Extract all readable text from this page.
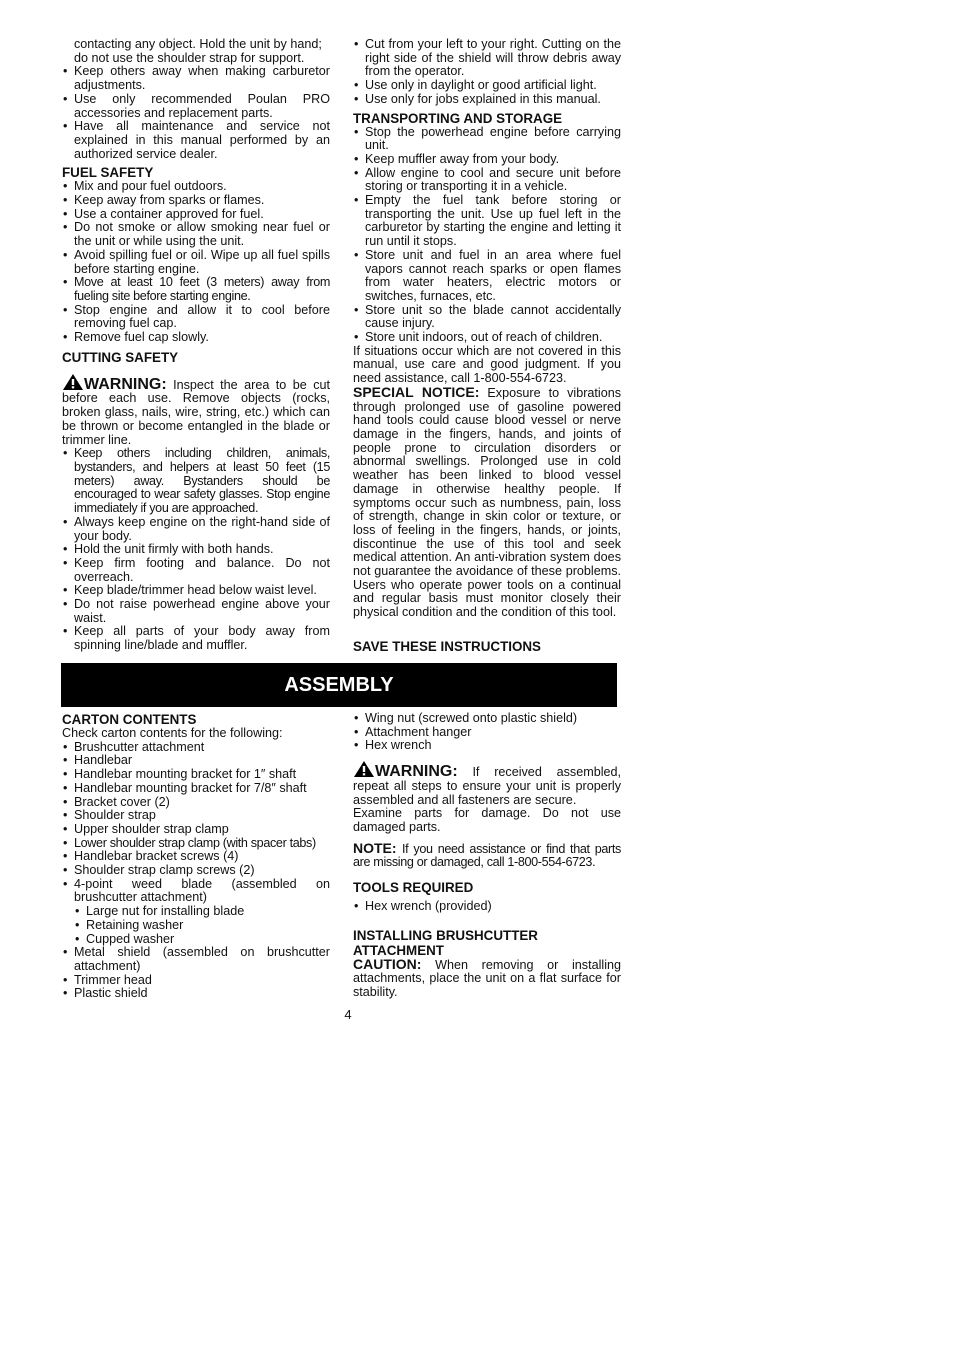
contacting any object. Hold the unit by hand;

do not use the shoulder strap for support.

• Keep others away when making carburetor adjustments.
• Use only recommended Poulan PRO accessories and replacement parts.
• Have all maintenance and service not explained in this manual performed by an authorized service dealer.
FUEL SAFETY
• Mix and pour fuel outdoors.
• Keep away from sparks or flames.
• Use a container approved for fuel.
• Do not smoke or allow smoking near fuel or the unit or while using the unit.
• Avoid spilling fuel or oil. Wipe up all fuel spills before starting engine.
• Move at least 10 feet (3 meters) away from fueling site before starting engine.
• Stop engine and allow it to cool before removing fuel cap.
• Remove fuel cap slowly.
CUTTING SAFETY

WARNING: Inspect the area to be cut before each use. Remove objects (rocks, broken glass, nails, wire, string, etc.) which can be thrown or become entangled in the blade or trimmer line.

• Keep others including children, animals, bystanders, and helpers at least 50 feet (15 meters) away. Bystanders should be encouraged to wear safety glasses. Stop engine immediately if you are approached.
• Always keep engine on the right-hand side of your body.
• Hold the unit firmly with both hands.
• Keep firm footing and balance. Do not overreach.
• Keep blade/trimmer head below waist level.
• Do not raise powerhead engine above your waist.
• Keep all parts of your body away from spinning line/blade and muffler.
• Cut from your left to your right. Cutting on the right side of the shield will throw debris away from the operator.
• Use only in daylight or good artificial light.
• Use only for jobs explained in this manual.
TRANSPORTING AND STORAGE
• Stop the powerhead engine before carrying unit.
• Keep muffler away from your body.
• Allow engine to cool and secure unit before storing or transporting it in a vehicle.
• Empty the fuel tank before storing or transporting the unit. Use up fuel left in the carburetor by starting the engine and letting it run until it stops.
• Store unit and fuel in an area where fuel vapors cannot reach sparks or open flames from water heaters, electric motors or switches, furnaces, etc.
• Store unit so the blade cannot accidentally cause injury.
• Store unit indoors, out of reach of children.

If situations occur which are not covered in this manual, use care and good judgment. If you need assistance, call 1-800-554-6723.

SPECIAL NOTICE: Exposure to vibrations through prolonged use of gasoline powered hand tools could cause blood vessel or nerve damage in the fingers, hands, and joints of people prone to circulation disorders or abnormal swellings. Prolonged use in cold weather has been linked to blood vessel damage in otherwise healthy people. If symptoms occur such as numbness, pain, loss of strength, change in skin color or texture, or loss of feeling in the fingers, hands, or joints, discontinue the use of this tool and seek medical attention. An anti-vibration system does not guarantee the avoidance of these problems. Users who operate power tools on a continual and regular basis must monitor closely their physical condition and the condition of this tool.

SAVE THESE INSTRUCTIONS
ASSEMBLY
CARTON CONTENTS

Check carton contents for the following:

• Brushcutter attachment
• Handlebar
• Handlebar mounting bracket for 1″ shaft
• Handlebar mounting bracket for 7/8″ shaft
• Bracket cover (2)
• Shoulder strap
• Upper shoulder strap clamp
• Lower shoulder strap clamp (with spacer tabs)
• Handlebar bracket screws (4)
• Shoulder strap clamp screws (2)
• 4-point weed blade (assembled on brushcutter attachment)
• Large nut for installing blade
• Retaining washer
• Cupped washer
• Metal shield (assembled on brushcutter attachment)
• Trimmer head
• Plastic shield
• Wing nut (screwed onto plastic shield)
• Attachment hanger
• Hex wrench

WARNING: If received assembled, repeat all steps to ensure your unit is properly assembled and all fasteners are secure.

Examine parts for damage. Do not use damaged parts.

NOTE: If you need assistance or find that parts are missing or damaged, call 1-800-554-6723.

TOOLS REQUIRED
• Hex wrench (provided)
INSTALLING BRUSHCUTTER ATTACHMENT

CAUTION: When removing or installing attachments, place the unit on a flat surface for stability.

4
